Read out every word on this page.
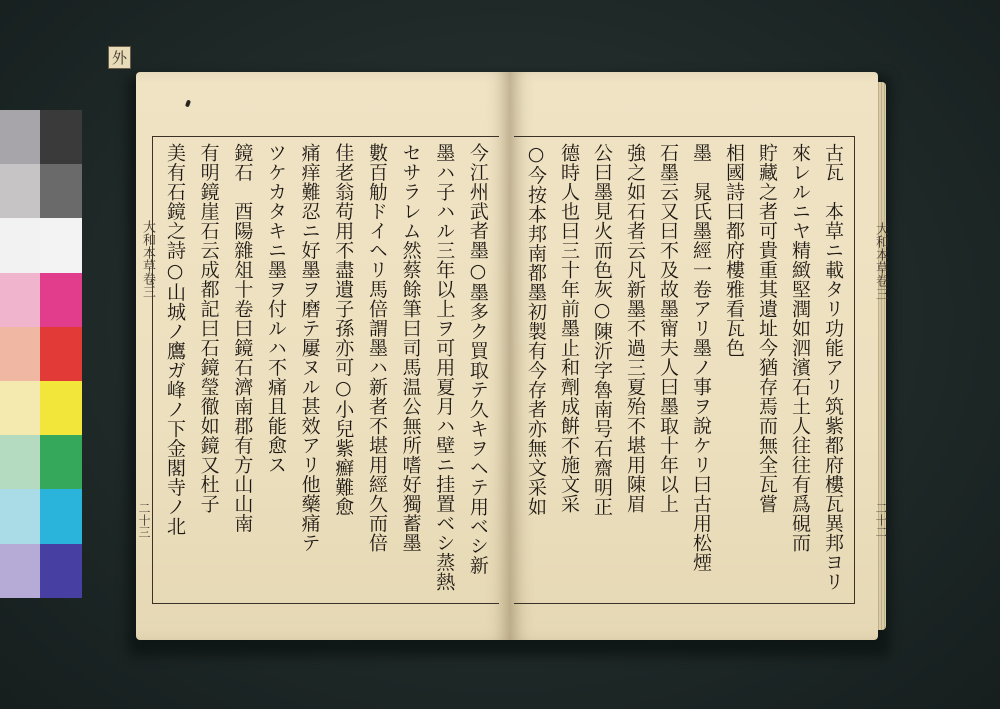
外
大和本草卷三
二十三	今江州武者墨○墨多ク買取テ久キヲヘテ用ベシ新
墨ハ子ハル三年以上ヲ可用夏月ハ壁ニ挂置ベシ蒸熱
セサラレム然蔡餘筆曰司馬温公無所嗜好獨蓄墨
數百觔ドイヘリ馬倍謂墨ハ新者不堪用經久而倍
佳老翁苟用不盡遺子孫亦可○小兒紫癬難愈
痛痒難忍ニ好墨ヲ磨テ屢ヌル甚效アリ他藥痛テ
ツケカタキニ墨ヲ付ルハ不痛且能愈ス
鏡石　酉陽雜俎十卷曰鏡石濟南郡有方山山南
有明鏡崖石云成都記曰石鏡瑩徹如鏡又杜子
美有石鏡之詩○山城ノ鷹ガ峰ノ下金閣寺ノ北	大和本草卷三
二十二
古瓦　本草ニ載タリ功能アリ筑紫都府樓瓦異邦ヨリ
來レルニヤ精緻堅潤如泗濱石土人往往有爲硯而
貯藏之者可貴重其遺址今猶存焉而無全瓦嘗
相國詩曰都府樓雅看瓦色
墨　晁氏墨經一卷アリ墨ノ事ヲ說ケリ曰古用松煙
石墨云又曰不及故墨甯夫人曰墨取十年以上
強之如石者云凡新墨不過三夏殆不堪用陳眉
公曰墨見火而色灰○陳沂字魯南号石齋明正
德時人也曰三十年前墨止和劑成餠不施文采
○今按本邦南都墨初製有今存者亦無文采如
